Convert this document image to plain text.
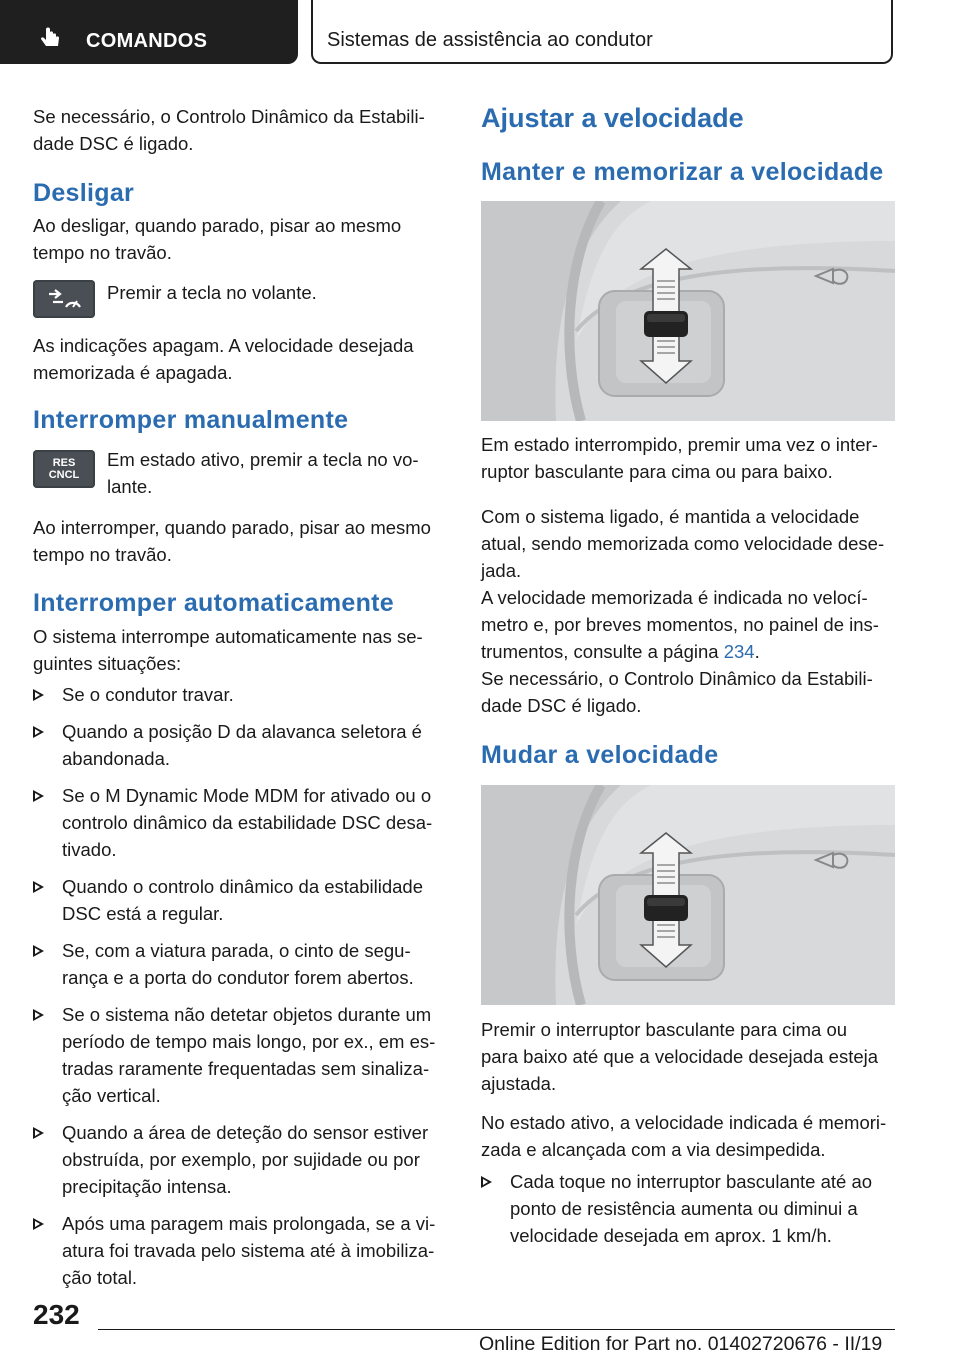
COMANDOS	Sistemas de assistência ao condutor
Se necessário, o Controlo Dinâmico da Estabili-
dade DSC é ligado.
Desligar
Ao desligar, quando parado, pisar ao mesmo
tempo no travão.
Premir a tecla no volante.
As indicações apagam. A velocidade desejada
memorizada é apagada.
Interromper manualmente
RES
CNCL
Em estado ativo, premir a tecla no vo-
lante.
Ao interromper, quando parado, pisar ao mesmo
tempo no travão.
Interromper automaticamente
O sistema interrompe automaticamente nas se-
guintes situações:
Se o condutor travar.
Quando a posição D da alavanca seletora é
abandonada.
Se o M Dynamic Mode MDM for ativado ou o
controlo dinâmico da estabilidade DSC desa-
tivado.
Quando o controlo dinâmico da estabilidade
DSC está a regular.
Se, com a viatura parada, o cinto de segu-
rança e a porta do condutor forem abertos.
Se o sistema não detetar objetos durante um
período de tempo mais longo, por ex., em es-
tradas raramente frequentadas sem sinaliza-
ção vertical.
Quando a área de deteção do sensor estiver
obstruída, por exemplo, por sujidade ou por
precipitação intensa.
Após uma paragem mais prolongada, se a vi-
atura foi travada pelo sistema até à imobiliza-
ção total.
Ajustar a velocidade
Manter e memorizar a velocidade
Em estado interrompido, premir uma vez o inter-
ruptor basculante para cima ou para baixo.
Com o sistema ligado, é mantida a velocidade
atual, sendo memorizada como velocidade dese-
jada.
A velocidade memorizada é indicada no velocí-
metro e, por breves momentos, no painel de ins-
trumentos, consulte a página 234.
Se necessário, o Controlo Dinâmico da Estabili-
dade DSC é ligado.
Mudar a velocidade
Premir o interruptor basculante para cima ou
para baixo até que a velocidade desejada esteja
ajustada.
No estado ativo, a velocidade indicada é memori-
zada e alcançada com a via desimpedida.
Cada toque no interruptor basculante até ao
ponto de resistência aumenta ou diminui a
velocidade desejada em aprox. 1 km/h.
232
Online Edition for Part no. 01402720676 - II/19
